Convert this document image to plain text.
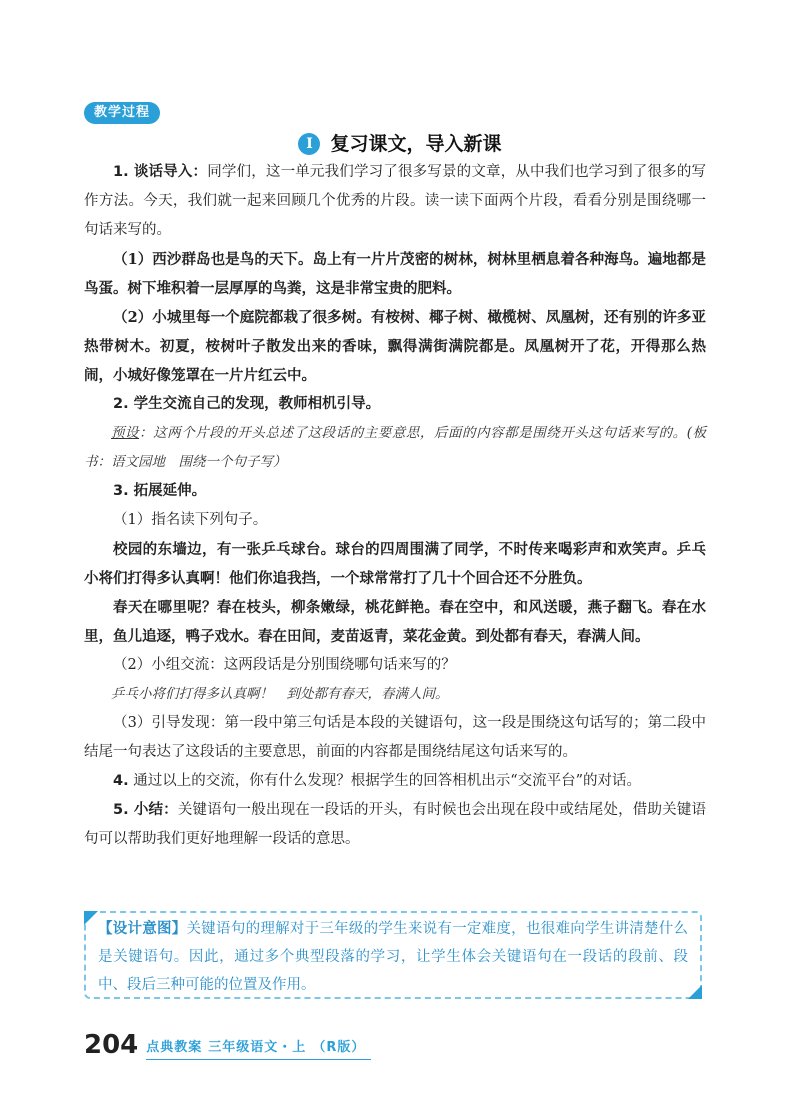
教学过程
I 复习课文，导入新课

1. 谈话导入：同学们，这一单元我们学习了很多写景的文章，从中我们也学习到了很多的写作方法。今天，我们就一起来回顾几个优秀的片段。读一读下面两个片段，看看分别是围绕哪一句话来写的。

（1）西沙群岛也是鸟的天下。岛上有一片片茂密的树林，树林里栖息着各种海鸟。遍地都是鸟蛋。树下堆积着一层厚厚的鸟粪，这是非常宝贵的肥料。

（2）小城里每一个庭院都栽了很多树。有桉树、椰子树、橄榄树、凤凰树，还有别的许多亚热带树木。初夏，桉树叶子散发出来的香味，飘得满街满院都是。凤凰树开了花，开得那么热闹，小城好像笼罩在一片片红云中。

2. 学生交流自己的发现，教师相机引导。

预设：这两个片段的开头总述了这段话的主要意思，后面的内容都是围绕开头这句话来写的。(板书：语文园地　围绕一个句子写）

3. 拓展延伸。

（1）指名读下列句子。

校园的东墙边，有一张乒乓球台。球台的四周围满了同学，不时传来喝彩声和欢笑声。乒乓小将们打得多认真啊！他们你追我挡，一个球常常打了几十个回合还不分胜负。

春天在哪里呢？春在枝头，柳条嫩绿，桃花鲜艳。春在空中，和风送暖，燕子翻飞。春在水里，鱼儿追逐，鸭子戏水。春在田间，麦苗返青，菜花金黄。到处都有春天，春满人间。

（2）小组交流：这两段话是分别围绕哪句话来写的？

乒乓小将们打得多认真啊！　到处都有春天，春满人间。

（3）引导发现：第一段中第三句话是本段的关键语句，这一段是围绕这句话写的；第二段中结尾一句表达了这段话的主要意思，前面的内容都是围绕结尾这句话来写的。

4. 通过以上的交流，你有什么发现？根据学生的回答相机出示“交流平台”的对话。

5. 小结：关键语句一般出现在一段话的开头，有时候也会出现在段中或结尾处，借助关键语句可以帮助我们更好地理解一段话的意思。

【设计意图】关键语句的理解对于三年级的学生来说有一定难度，也很难向学生讲清楚什么是关键语句。因此，通过多个典型段落的学习，让学生体会关键语句在一段话的段前、段中、段后三种可能的位置及作用。
204 点典教案 三年级语文・上 （R版）
